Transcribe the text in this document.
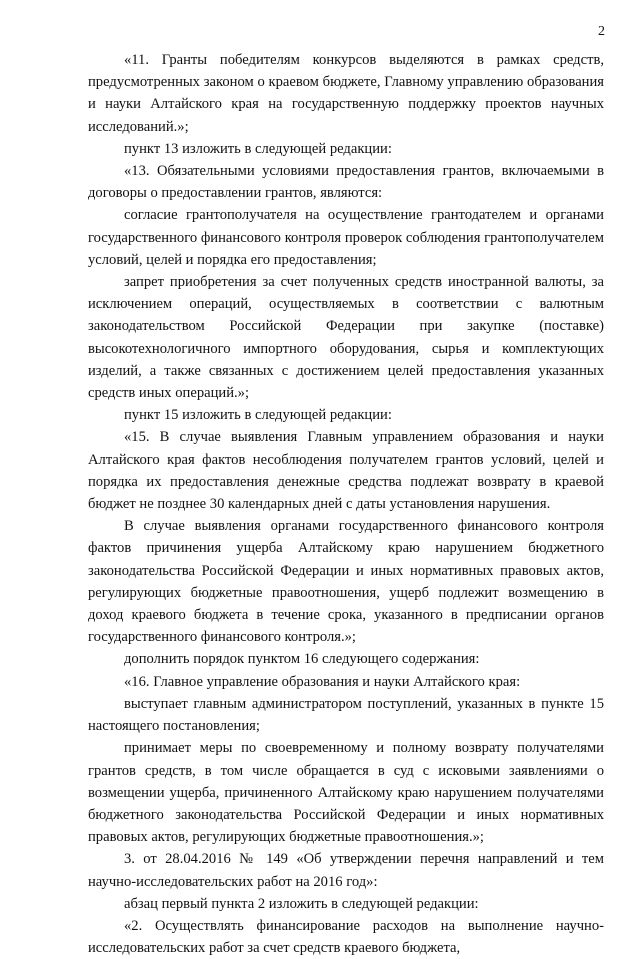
2

«11. Гранты победителям конкурсов выделяются в рамках средств, предусмотренных законом о краевом бюджете, Главному управлению образования и науки Алтайского края на государственную поддержку проектов научных исследований.»;

пункт 13 изложить в следующей редакции:

«13. Обязательными условиями предоставления грантов, включаемыми в договоры о предоставлении грантов, являются:

согласие грантополучателя на осуществление грантодателем и органами государственного финансового контроля проверок соблюдения грантополучателем условий, целей и порядка его предоставления;

запрет приобретения за счет полученных средств иностранной валюты, за исключением операций, осуществляемых в соответствии с валютным законодательством Российской Федерации при закупке (поставке) высокотехнологичного импортного оборудования, сырья и комплектующих изделий, а также связанных с достижением целей предоставления указанных средств иных операций.»;

пункт 15 изложить в следующей редакции:

«15. В случае выявления Главным управлением образования и науки Алтайского края фактов несоблюдения получателем грантов условий, целей и порядка их предоставления денежные средства подлежат возврату в краевой бюджет не позднее 30 календарных дней с даты установления нарушения.

В случае выявления органами государственного финансового контроля фактов причинения ущерба Алтайскому краю нарушением бюджетного законодательства Российской Федерации и иных нормативных правовых актов, регулирующих бюджетные правоотношения, ущерб подлежит возмещению в доход краевого бюджета в течение срока, указанного в предписании органов государственного финансового контроля.»;

дополнить порядок пунктом 16 следующего содержания:

«16. Главное управление образования и науки Алтайского края:

выступает главным администратором поступлений, указанных в пункте 15 настоящего постановления;

принимает меры по своевременному и полному возврату получателями грантов средств, в том числе обращается в суд с исковыми заявлениями о возмещении ущерба, причиненного Алтайскому краю нарушением получателями бюджетного законодательства Российской Федерации и иных нормативных правовых актов, регулирующих бюджетные правоотношения.»;

3. от 28.04.2016 № 149 «Об утверждении перечня направлений и тем научно-исследовательских работ на 2016 год»:

абзац первый пункта 2 изложить в следующей редакции:

«2. Осуществлять финансирование расходов на выполнение научно-исследовательских работ за счет средств краевого бюджета,
